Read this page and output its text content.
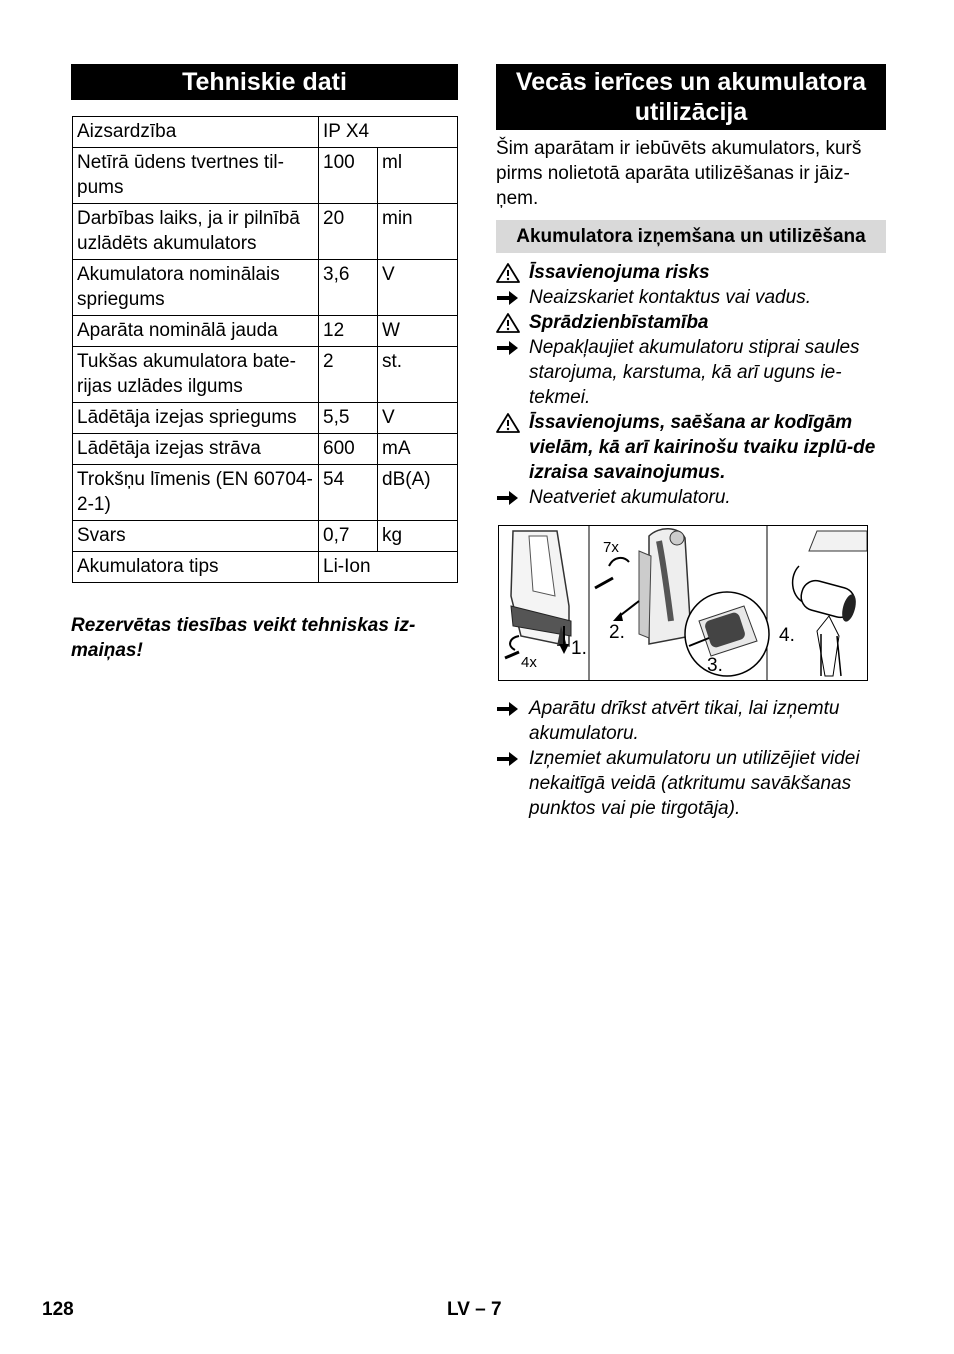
Tehniskie dati
Aizsardzība	IP X4	
Netīrā ūdens tvertnes til-pums	100	ml
Darbības laiks, ja ir pilnībā uzlādēts akumulators	20	min
Akumulatora nominālais spriegums	3,6	V
Aparāta nominālā jauda	12	W
Tukšas akumulatora bate-rijas uzlādes ilgums	2	st.
Lādētāja izejas spriegums	5,5	V
Lādētāja izejas strāva	600	mA
Trokšņu līmenis (EN 60704-2-1)	54	dB(A)
Svars	0,7	kg
Akumulatora tips	Li-Ion	
Rezervētas tiesības veikt tehniskas iz-maiņas!
Vecās ierīces un akumulatora utilizācija
Šim aparātam ir iebūvēts akumulators, kurš pirms nolietotā aparāta utilizēšanas ir jāiz-ņem.
Akumulatora izņemšana un utilizēšana
Īssavienojuma risks
Neaizskariet kontaktus vai vadus.
Sprādzienbīstamība
Nepakļaujiet akumulatoru stiprai saules starojuma, karstuma, kā arī uguns ie-tekmei.
Īssavienojums, saēšana ar kodīgām vielām, kā arī kairinošu tvaiku izplū-de izraisa savainojumus.
Neatveriet akumulatoru.
1.
4x
7x
2.
3.
4.
Aparātu drīkst atvērt tikai, lai izņemtu akumulatoru.
Izņemiet akumulatoru un utilizējiet videi nekaitīgā veidā (atkritumu savākšanas punktos vai pie tirgotāja).
128	LV – 7
